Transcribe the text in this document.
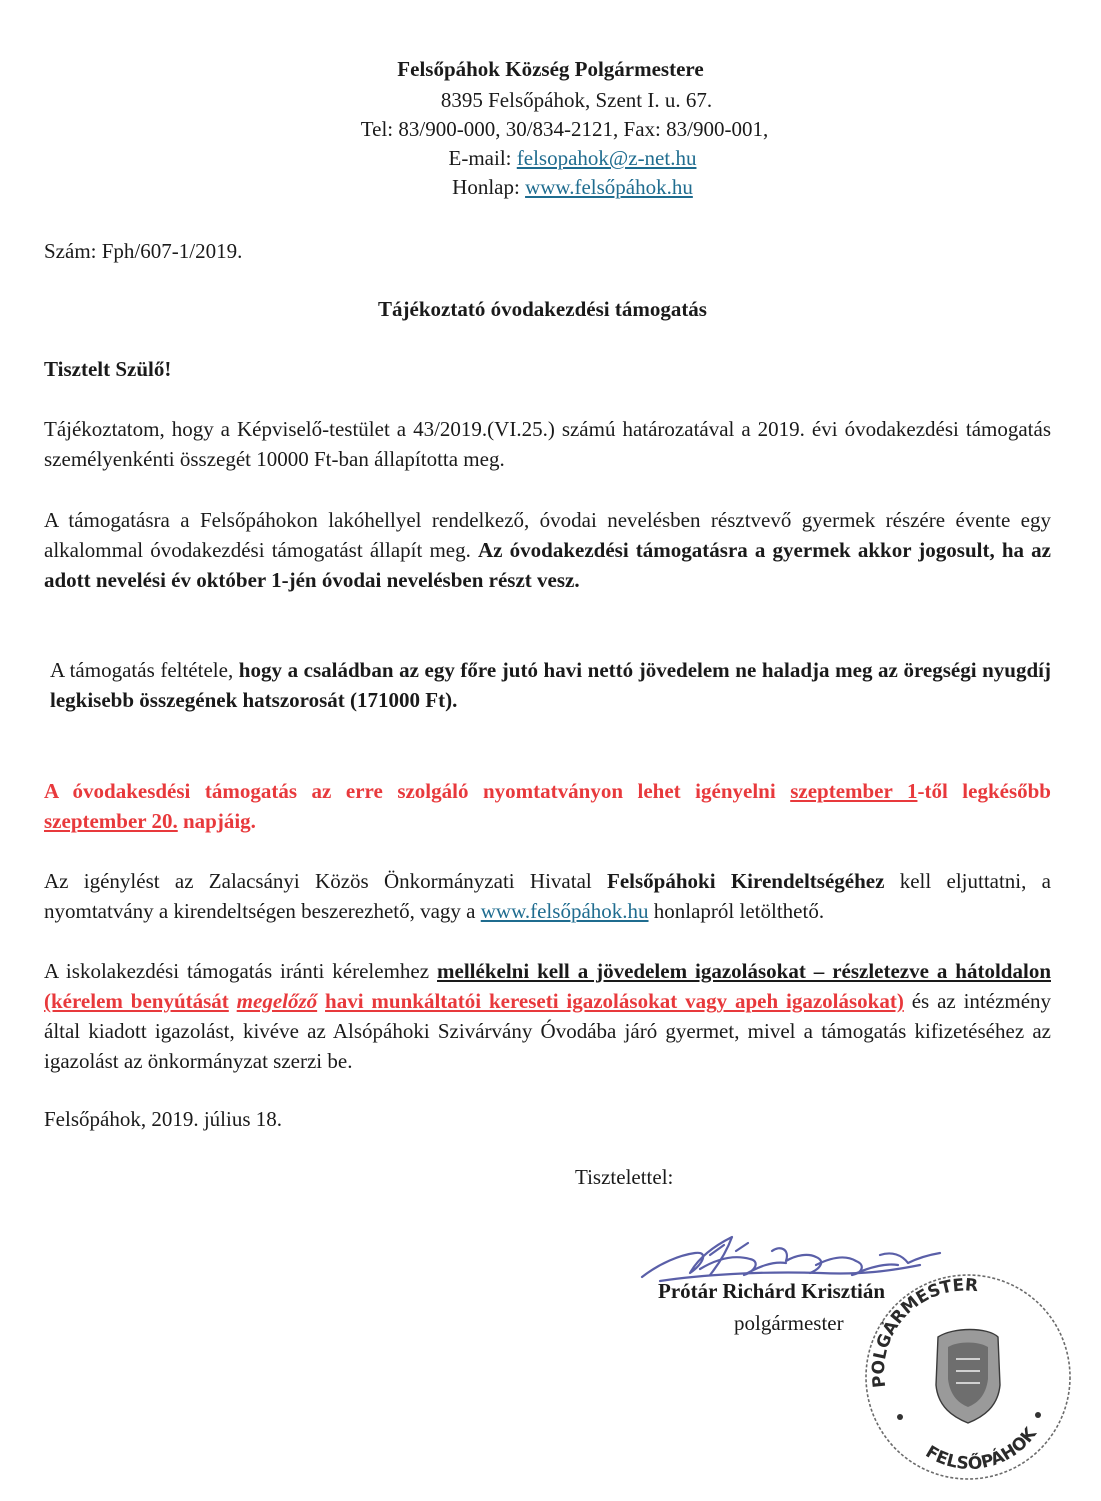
Felsőpáhok Község Polgármestere
8395 Felsőpáhok, Szent I. u. 67.
Tel: 83/900-000, 30/834-2121, Fax: 83/900-001,
E-mail: felsopahok@z-net.hu
Honlap: www.felsőpáhok.hu
Szám: Fph/607-1/2019.
Tájékoztató óvodakezdési támogatás
Tisztelt Szülő!
Tájékoztatom, hogy a Képviselő-testület a 43/2019.(VI.25.) számú határozatával a 2019. évi óvodakezdési támogatás személyenkénti összegét 10000 Ft-ban állapította meg.
A támogatásra a Felsőpáhokon lakóhellyel rendelkező, óvodai nevelésben résztvevő gyermek részére évente egy alkalommal óvodakezdési támogatást állapít meg. Az óvodakezdési támogatásra a gyermek akkor jogosult, ha az adott nevelési év október 1-jén óvodai nevelésben részt vesz.
A támogatás feltétele, hogy a családban az egy főre jutó havi nettó jövedelem ne haladja meg az öregségi nyugdíj legkisebb összegének hatszorosát (171000 Ft).
A óvodakesdési támogatás az erre szolgáló nyomtatványon lehet igényelni szeptember 1-től legkésőbb szeptember 20. napjáig.
Az igénylést az Zalacsányi Közös Önkormányzati Hivatal Felsőpáhoki Kirendeltségéhez kell eljuttatni, a nyomtatvány a kirendeltségen beszerezhető, vagy a www.felsőpáhok.hu honlapról letölthető.
A iskolakezdési támogatás iránti kérelemhez mellékelni kell a jövedelem igazolásokat – részletezve a hátoldalon (kérelem benyútását megelőző havi munkáltatói kereseti igazolásokat vagy apeh igazolásokat) és az intézmény által kiadott igazolást, kivéve az Alsópáhoki Szivárvány Óvodába járó gyermet, mivel a támogatás kifizetéséhez az igazolást az önkormányzat szerzi be.
Felsőpáhok, 2019. július 18.
Tisztelettel:
Prótár Richárd Krisztián
polgármester
POLGÁRMESTER
FELSŐPÁHOK
